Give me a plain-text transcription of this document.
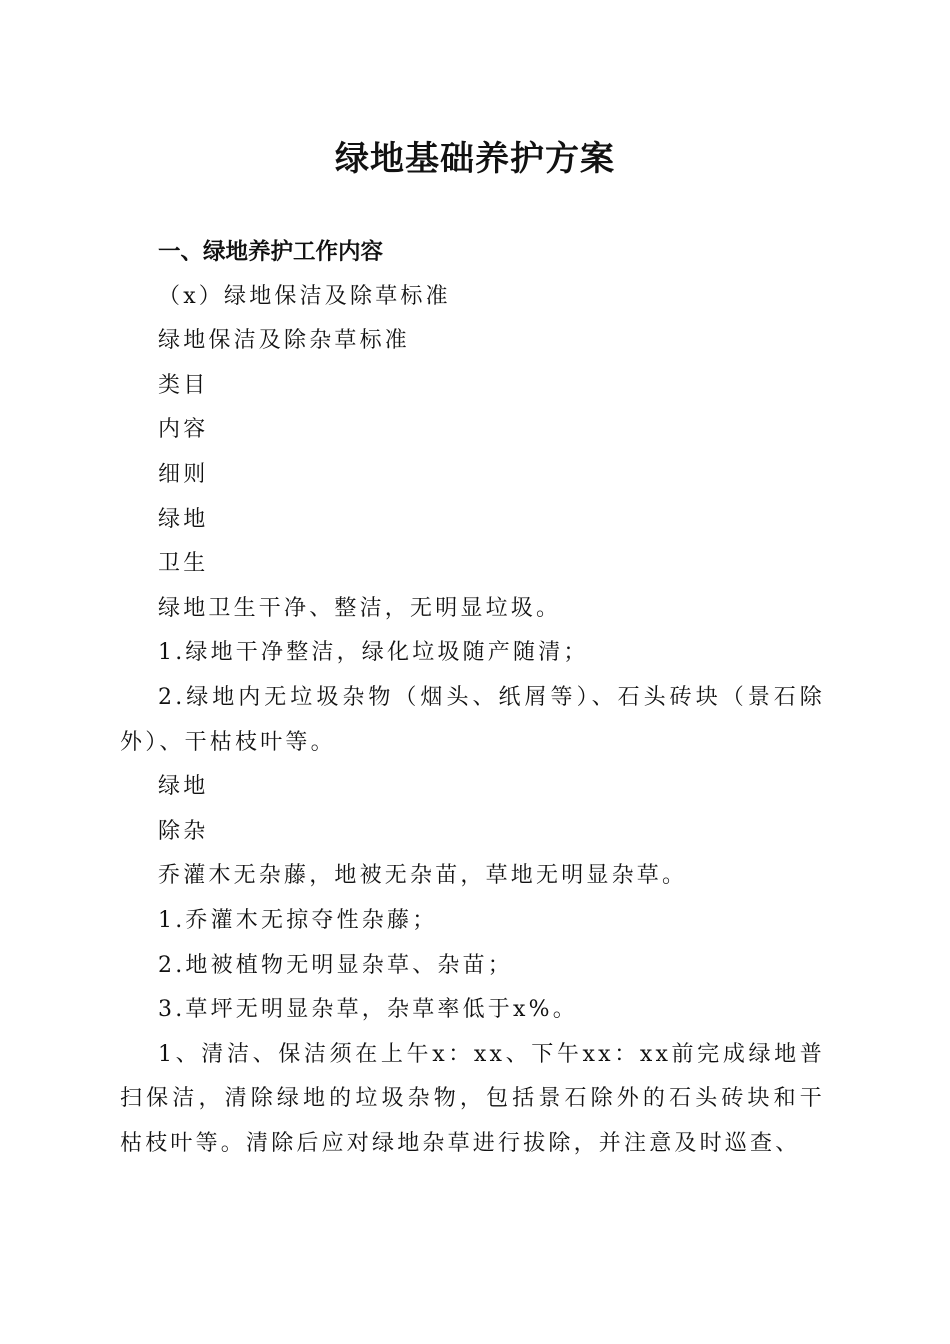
绿地基础养护方案
一、绿地养护工作内容

（x）绿地保洁及除草标准

绿地保洁及除杂草标准

类目

内容

细则

绿地

卫生

绿地卫生干净、整洁，无明显垃圾。

1.绿地干净整洁，绿化垃圾随产随清；

2.绿地内无垃圾杂物（烟头、纸屑等）、石头砖块（景石除外）、干枯枝叶等。

绿地

除杂

乔灌木无杂藤，地被无杂苗，草地无明显杂草。

1.乔灌木无掠夺性杂藤；

2.地被植物无明显杂草、杂苗；

3.草坪无明显杂草，杂草率低于x%。

1、清洁、保洁须在上午x：xx、下午xx：xx前完成绿地普扫保洁，清除绿地的垃圾杂物，包括景石除外的石头砖块和干枯枝叶等。清除后应对绿地杂草进行拔除，并注意及时巡查、
